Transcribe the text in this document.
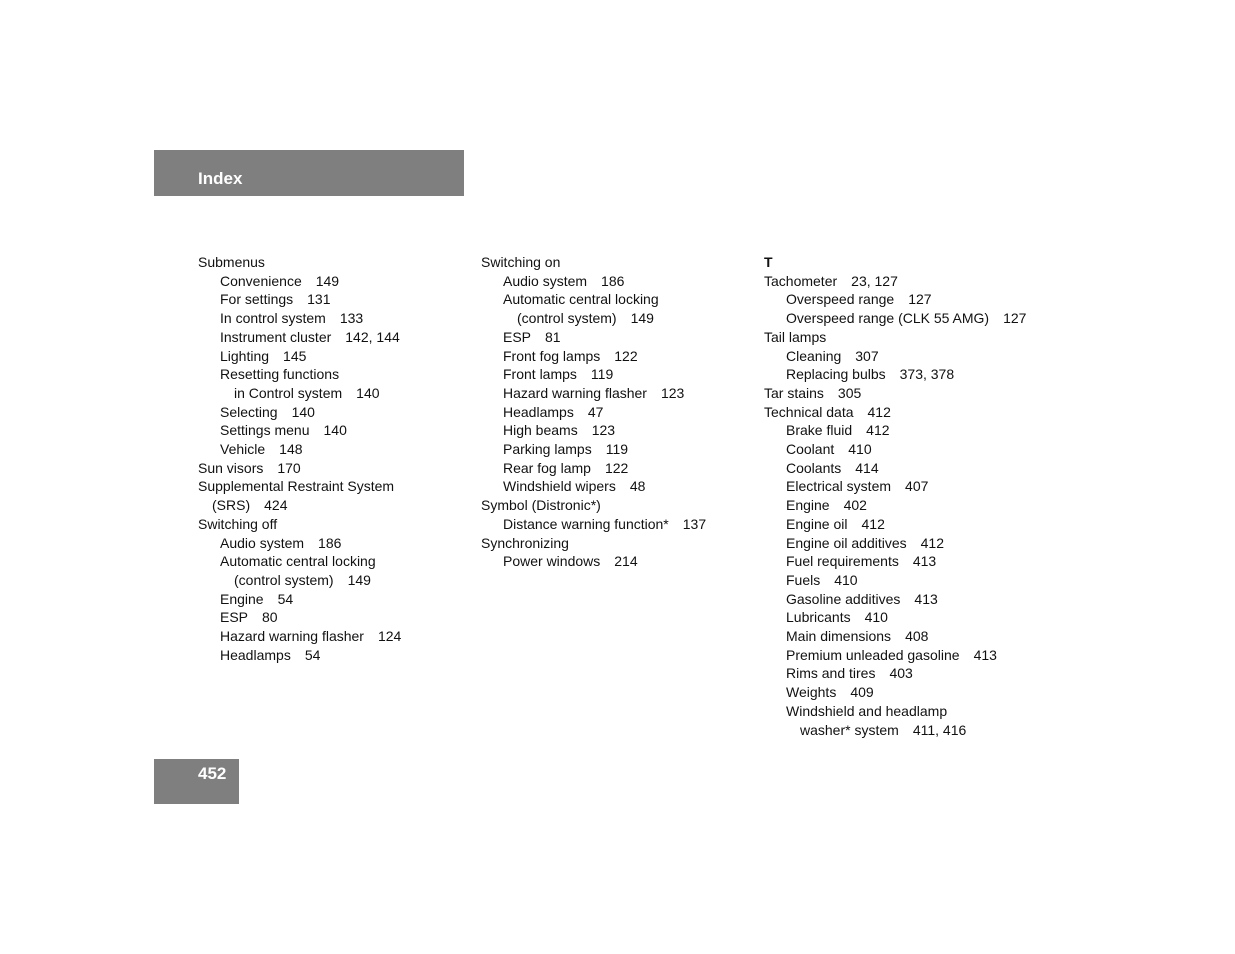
Index
Submenus
Convenience 149
For settings 131
In control system 133
Instrument cluster 142, 144
Lighting 145
Resetting functions
in Control system 140
Selecting 140
Settings menu 140
Vehicle 148
Sun visors 170
Supplemental Restraint System
(SRS) 424
Switching off
Audio system 186
Automatic central locking
(control system) 149
Engine 54
ESP 80
Hazard warning flasher 124
Headlamps 54
Switching on
Audio system 186
Automatic central locking
(control system) 149
ESP 81
Front fog lamps 122
Front lamps 119
Hazard warning flasher 123
Headlamps 47
High beams 123
Parking lamps 119
Rear fog lamp 122
Windshield wipers 48
Symbol (Distronic*)
Distance warning function* 137
Synchronizing
Power windows 214
T
Tachometer 23, 127
Overspeed range 127
Overspeed range (CLK 55 AMG) 127
Tail lamps
Cleaning 307
Replacing bulbs 373, 378
Tar stains 305
Technical data 412
Brake fluid 412
Coolant 410
Coolants 414
Electrical system 407
Engine 402
Engine oil 412
Engine oil additives 412
Fuel requirements 413
Fuels 410
Gasoline additives 413
Lubricants 410
Main dimensions 408
Premium unleaded gasoline 413
Rims and tires 403
Weights 409
Windshield and headlamp
washer* system 411, 416
452
